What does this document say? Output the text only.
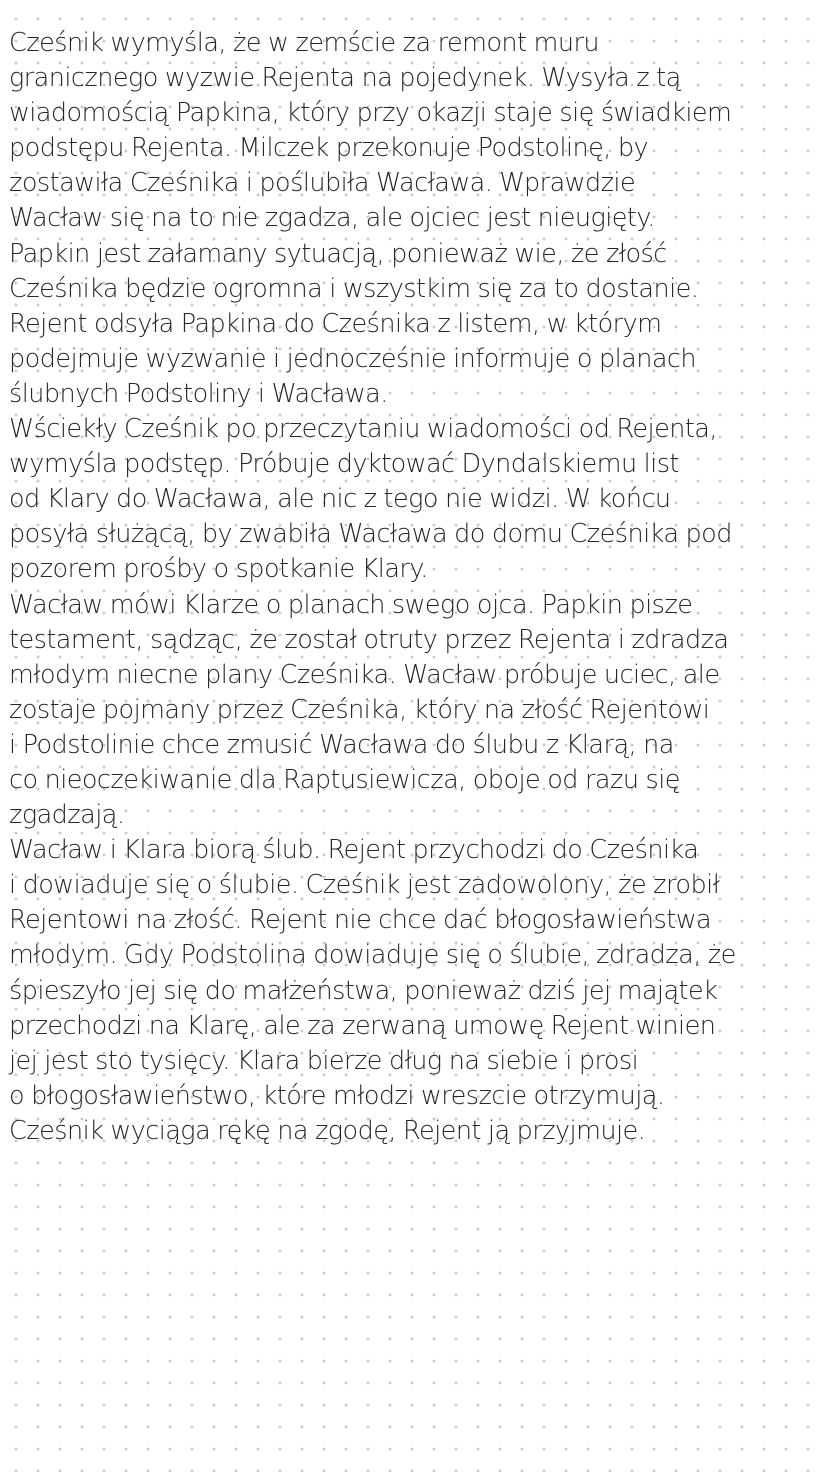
Cześnik wymyśla, że w zemście za remont muru
granicznego wyzwie Rejenta na pojedynek. Wysyła z tą
wiadomością Papkina, który przy okazji staje się świadkiem
podstępu Rejenta. Milczek przekonuje Podstolinę, by
zostawiła Cześnika i poślubiła Wacława. Wprawdzie
Wacław się na to nie zgadza, ale ojciec jest nieugięty.
Papkin jest załamany sytuacją, ponieważ wie, że złość
Cześnika będzie ogromna i wszystkim się za to dostanie.
Rejent odsyła Papkina do Cześnika z listem, w którym
podejmuje wyzwanie i jednocześnie informuje o planach
ślubnych Podstoliny i Wacława.
Wściekły Cześnik po przeczytaniu wiadomości od Rejenta,
wymyśla podstęp. Próbuje dyktować Dyndalskiemu list
od Klary do Wacława, ale nic z tego nie widzi. W końcu
posyła służącą, by zwabiła Wacława do domu Cześnika pod
pozorem prośby o spotkanie Klary.
Wacław mówi Klarze o planach swego ojca. Papkin pisze
testament, sądząc, że został otruty przez Rejenta i zdradza
młodym niecne plany Cześnika. Wacław próbuje uciec, ale
zostaje pojmany przez Cześnika, który na złość Rejentowi
i Podstolinie chce zmusić Wacława do ślubu z Klarą, na
co nieoczekiwanie dla Raptusiewicza, oboje od razu się
zgadzają.
Wacław i Klara biorą ślub. Rejent przychodzi do Cześnika
i dowiaduje się o ślubie. Cześnik jest zadowolony, że zrobił
Rejentowi na złość. Rejent nie chce dać błogosławieństwa
młodym. Gdy Podstolina dowiaduje się o ślubie, zdradza, że
śpieszyło jej się do małżeństwa, ponieważ dziś jej majątek
przechodzi na Klarę, ale za zerwaną umowę Rejent winien
jej jest sto tysięcy. Klara bierze dług na siebie i prosi
o błogosławieństwo, które młodzi wreszcie otrzymują.
Cześnik wyciąga rękę na zgodę, Rejent ją przyjmuje.
